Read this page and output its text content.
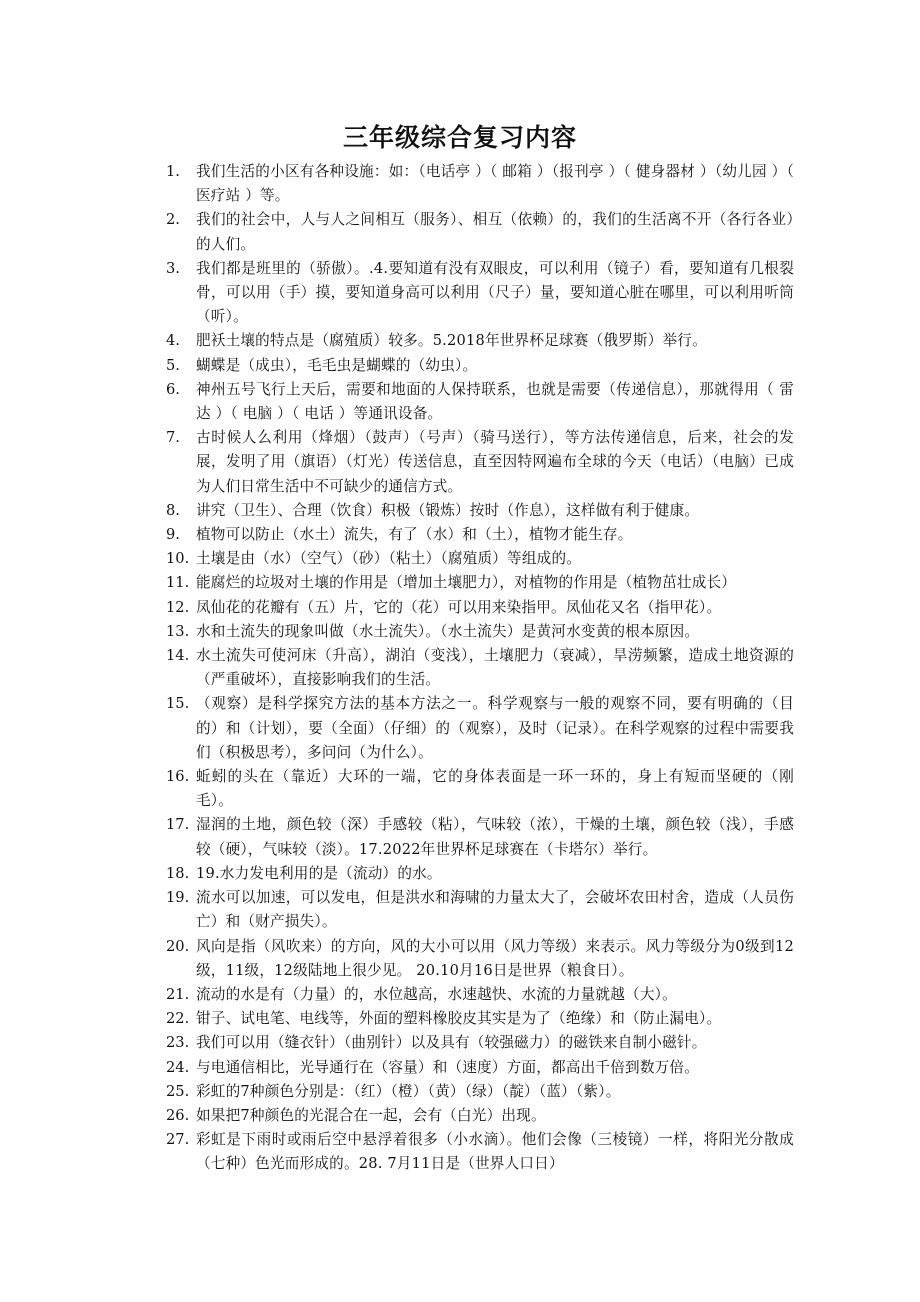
三年级综合复习内容
1.	我们生活的小区有各种设施：如：（电话亭 ）（ 邮箱 ）（报刊亭 ）（ 健身器材 ）（幼儿园 ）（ 医疗站 ）等。
2.	我们的社会中，人与人之间相互（服务）、相互（依赖）的，我们的生活离不开（各行各业）的人们。
3.	我们都是班里的（骄傲）。.4.要知道有没有双眼皮，可以利用（镜子）看，要知道有几根裂骨，可以用（手）摸，要知道身高可以利用（尺子）量，要知道心脏在哪里，可以利用听筒（听）。
4.	肥袄土壤的特点是（腐殖质）较多。5.2018年世界杯足球赛（俄罗斯）举行。
5.	蝴蝶是（成虫），毛毛虫是蝴蝶的（幼虫）。
6.	神州五号飞行上天后，需要和地面的人保持联系，也就是需要（传递信息），那就得用（ 雷达 ）（ 电脑 ）（ 电话 ）等通讯设备。
7.	古时候人么利用（烽烟）（鼓声）（号声）（骑马送行），等方法传递信息，后来，社会的发展，发明了用（旗语）（灯光）传送信息，直至因特网遍布全球的今天（电话）（电脑）已成为人们日常生活中不可缺少的通信方式。
8.	讲究（卫生）、合理（饮食）积极（锻炼）按时（作息），这样做有利于健康。
9.	植物可以防止（水土）流失，有了（水）和（土），植物才能生存。
10. 土壤是由（水）（空气）（砂）（粘土）（腐殖质）等组成的。
11. 能腐烂的垃圾对土壤的作用是（增加土壤肥力），对植物的作用是（植物茁壮成长）
12. 凤仙花的花瓣有（五）片，它的（花）可以用来染指甲。凤仙花又名（指甲花）。
13. 水和土流失的现象叫做（水土流失）。（水土流失）是黄河水变黄的根本原因。
14. 水土流失可使河床（升高），湖泊（变浅），土壤肥力（衰减），旱涝频繁，造成土地资源的（严重破坏），直接影响我们的生活。
15. （观察）是科学探究方法的基本方法之一。科学观察与一般的观察不同，要有明确的（目的）和（计划），要（全面）（仔细）的（观察），及时（记录）。在科学观察的过程中需要我们（积极思考），多问问（为什么）。
16. 蚯蚓的头在（靠近）大环的一端，它的身体表面是一环一环的，身上有短而坚硬的（刚毛）。
17. 湿润的土地，颜色较（深）手感较（粘），气味较（浓），干燥的土壤，颜色较（浅），手感较（硬），气味较（淡）。17.2022年世界杯足球赛在（卡塔尔）举行。
18. 19.水力发电利用的是（流动）的水。
19. 流水可以加速，可以发电，但是洪水和海啸的力量太大了，会破坏农田村舍，造成（人员伤亡）和（财产损失）。
20. 风向是指（风吹来）的方向，风的大小可以用（风力等级）来表示。风力等级分为0级到12级，11级，12级陆地上很少见。 20.10月16日是世界（粮食日）。
21. 流动的水是有（力量）的，水位越高，水速越快、水流的力量就越（大）。
22. 钳子、试电笔、电线等，外面的塑料橡胶皮其实是为了（绝缘）和（防止漏电）。
23. 我们可以用（缝衣针）（曲别针）以及具有（较强磁力）的磁铁来自制小磁针。
24. 与电通信相比，光导通行在（容量）和（速度）方面，都高出千倍到数万倍。
25. 彩虹的7种颜色分别是：（红）（橙）（黄）（绿）（靛）（蓝）（紫）。
26. 如果把7种颜色的光混合在一起，会有（白光）出现。
27. 彩虹是下雨时或雨后空中悬浮着很多（小水滴）。他们会像（三棱镜）一样，将阳光分散成（七种）色光而形成的。28. 7月11日是（世界人口日）
